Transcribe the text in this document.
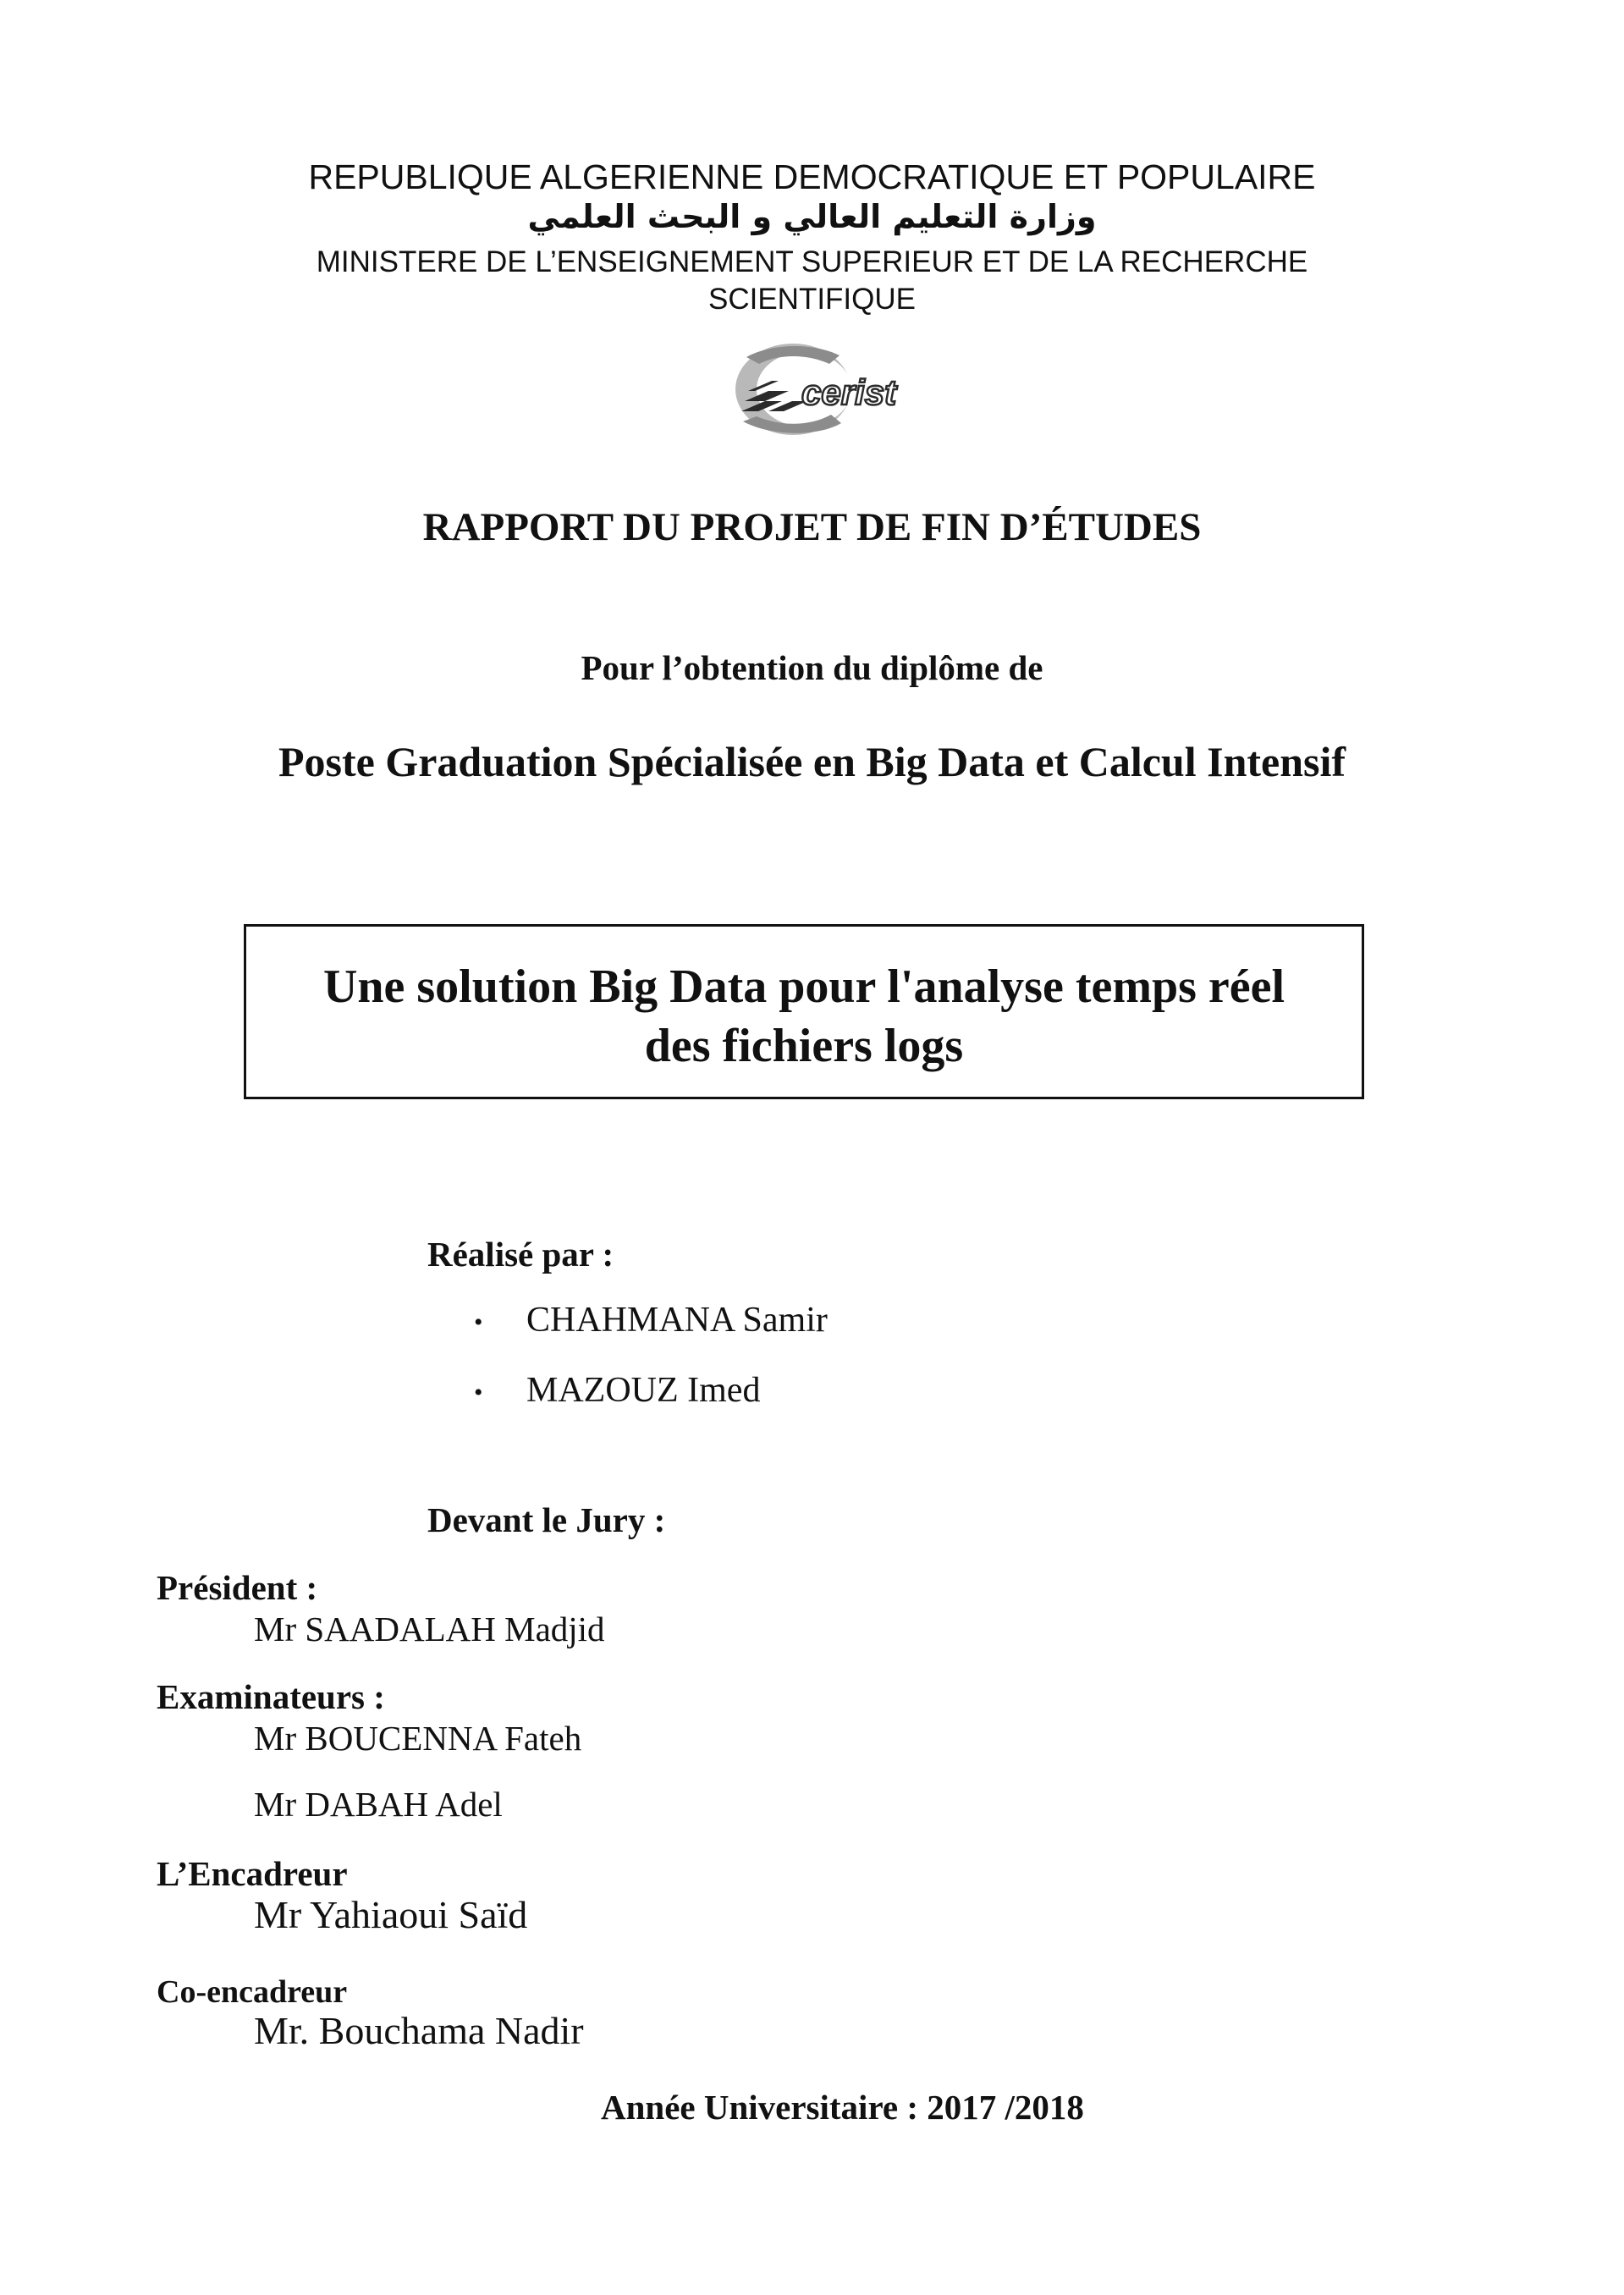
REPUBLIQUE ALGERIENNE DEMOCRATIQUE ET POPULAIRE
وزارة التعليم العالي و البحث العلمي
MINISTERE DE L’ENSEIGNEMENT SUPERIEUR ET DE LA RECHERCHE
SCIENTIFIQUE
cerist
RAPPORT DU PROJET DE FIN D’ÉTUDES
Pour l’obtention du diplôme de
Poste Graduation Spécialisée en Big Data et Calcul Intensif
Une solution Big Data pour l'analyse temps réel
des fichiers logs
Réalisé par :
• CHAHMANA Samir
• MAZOUZ Imed
Devant le Jury :
Président :
Mr SAADALAH Madjid
Examinateurs :
Mr BOUCENNA Fateh
Mr DABAH Adel
L’Encadreur
Mr Yahiaoui Saïd
Co-encadreur
Mr. Bouchama Nadir
Année Universitaire : 2017 /2018
